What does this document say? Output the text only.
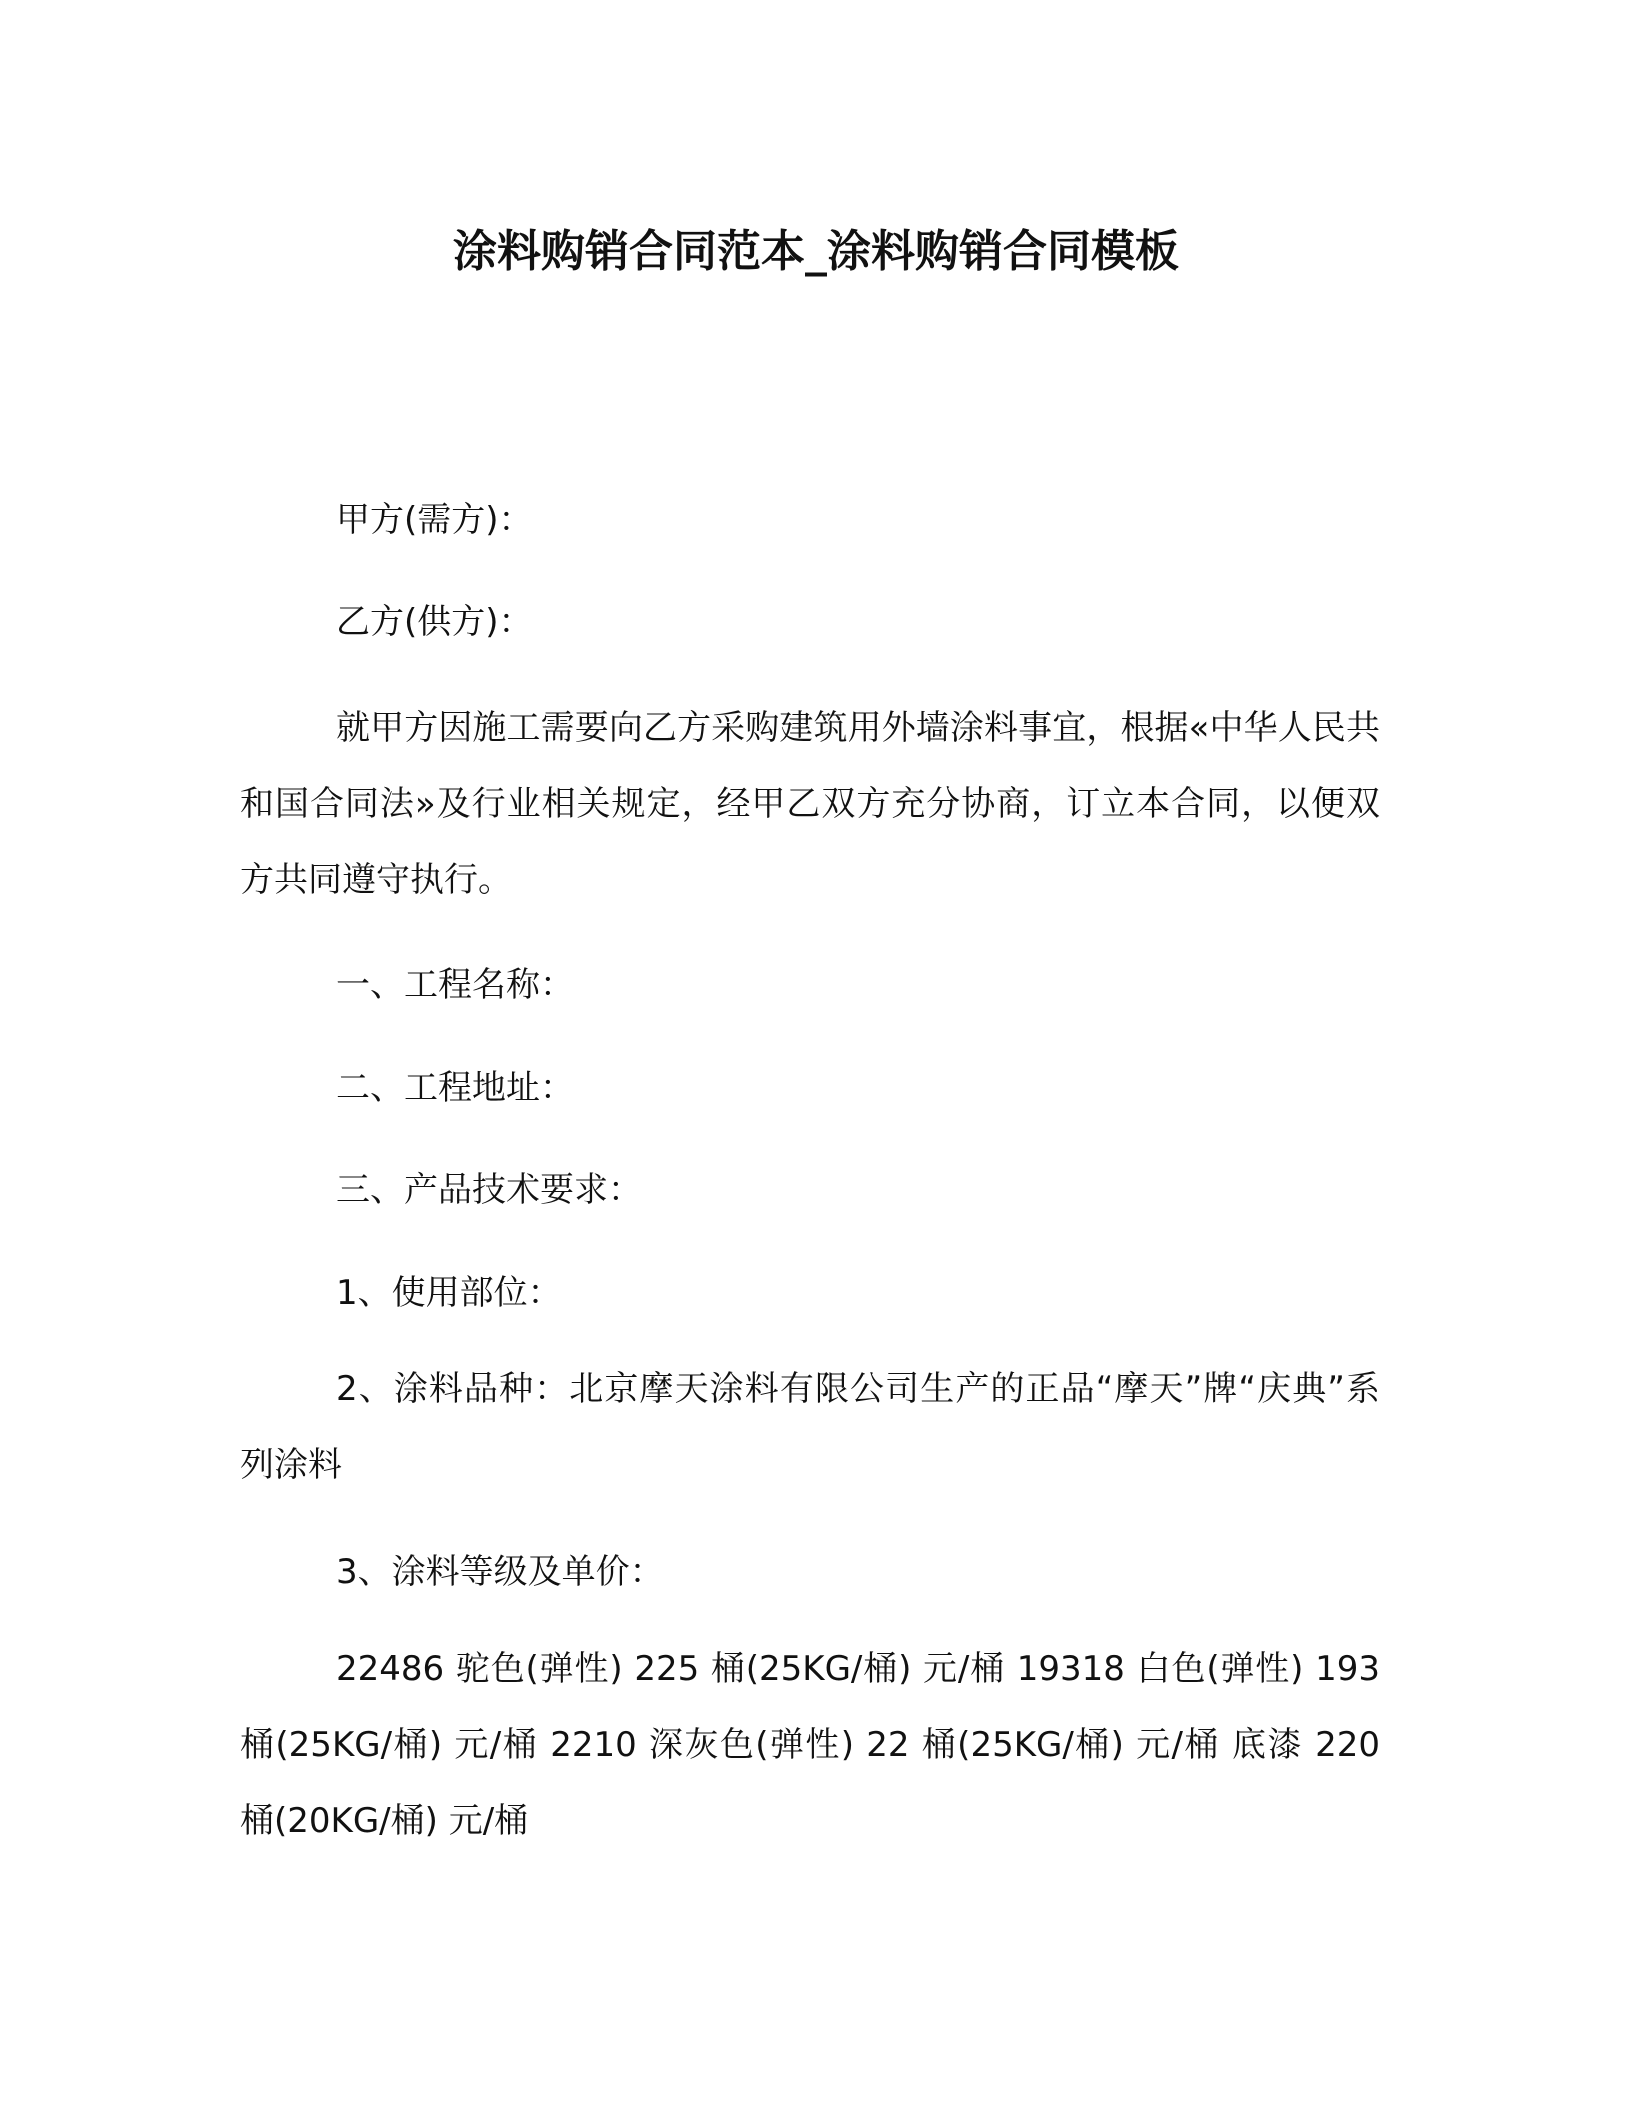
涂料购销合同范本_涂料购销合同模板

甲方(需方)：

乙方(供方)：

就甲方因施工需要向乙方采购建筑用外墙涂料事宜，根据«中华人民共和国合同法»及行业相关规定，经甲乙双方充分协商，订立本合同，以便双方共同遵守执行。

一、工程名称：

二、工程地址：

三、产品技术要求：

1、使用部位：

2、涂料品种：北京摩天涂料有限公司生产的正品“摩天”牌“庆典”系列涂料

3、涂料等级及单价：

22486 驼色(弹性) 225 桶(25KG/桶) 元/桶 19318 白色(弹性) 193 桶(25KG/桶) 元/桶 2210 深灰色(弹性) 22 桶(25KG/桶) 元/桶 底漆 220 桶(20KG/桶) 元/桶
